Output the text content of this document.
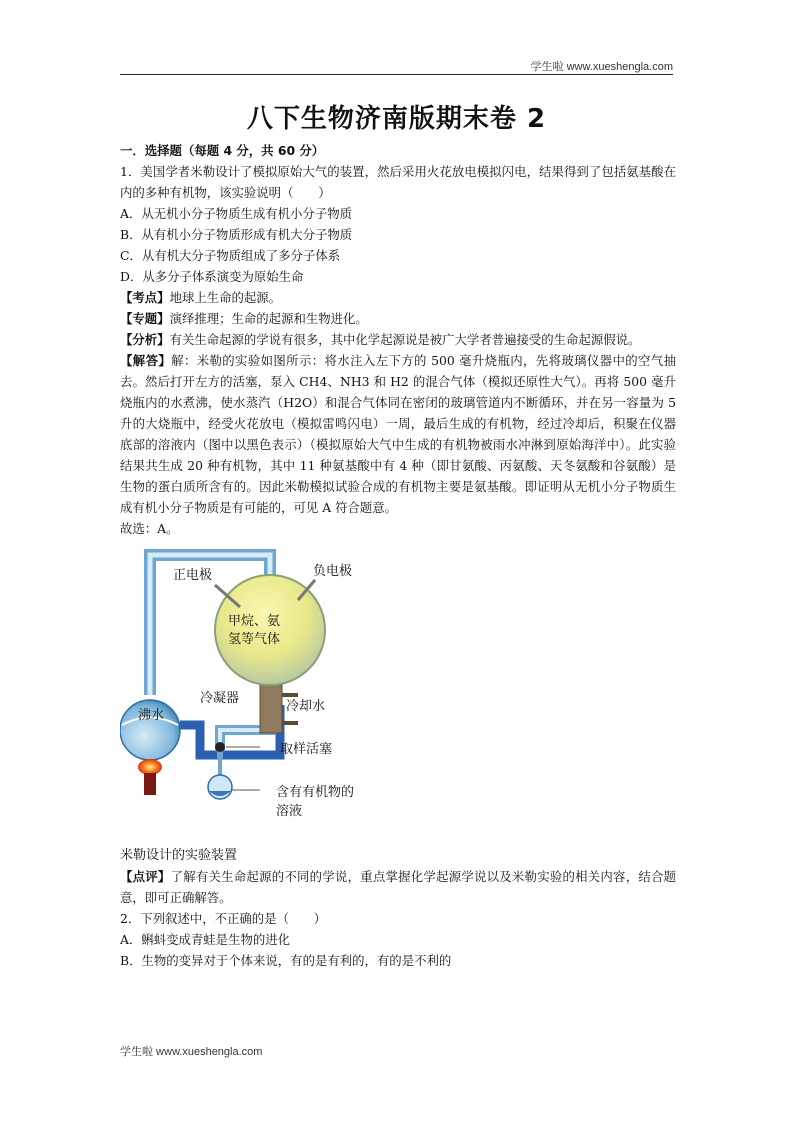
学生啦 www.xueshengla.com
八下生物济南版期末卷 2

一．选择题（每题 4 分，共 60 分）

1．美国学者米勒设计了模拟原始大气的装置，然后采用火花放电模拟闪电，结果得到了包括氨基酸在内的多种有机物，该实验说明（　　）

A．从无机小分子物质生成有机小分子物质

B．从有机小分子物质形成有机大分子物质

C．从有机大分子物质组成了多分子体系

D．从多分子体系演变为原始生命

【考点】地球上生命的起源。

【专题】演绎推理；生命的起源和生物进化。

【分析】有关生命起源的学说有很多，其中化学起源说是被广大学者普遍接受的生命起源假说。

【解答】解：米勒的实验如图所示：将水注入左下方的 500 毫升烧瓶内，先将玻璃仪器中的空气抽去。然后打开左方的活塞，泵入 CH4、NH3 和 H2 的混合气体（模拟还原性大气）。再将 500 毫升烧瓶内的水煮沸，使水蒸汽（H2O）和混合气体同在密闭的玻璃管道内不断循环，并在另一容量为 5 升的大烧瓶中，经受火花放电（模拟雷鸣闪电）一周，最后生成的有机物，经过冷却后，积聚在仪器底部的溶液内（图中以黑色表示）（模拟原始大气中生成的有机物被雨水冲淋到原始海洋中）。此实验结果共生成 20 种有机物，其中 11 种氨基酸中有 4 种（即甘氨酸、丙氨酸、天冬氨酸和谷氨酸）是生物的蛋白质所含有的。因此米勒模拟试验合成的有机物主要是氨基酸。即证明从无机小分子物质生成有机小分子物质是有可能的，可见 A 符合题意。

故选：A。

正电极	负电极
甲烷、氨
氢等气体
冷凝器
冷却水
沸水
取样活塞
含有有机物的
溶液

米勒设计的实验装置

【点评】了解有关生命起源的不同的学说，重点掌握化学起源学说以及米勒实验的相关内容，结合题意，即可正确解答。

2．下列叙述中，不正确的是（　　）

A．蝌蚪变成青蛙是生物的进化

B．生物的变异对于个体来说，有的是有利的，有的是不利的

学生啦 www.xueshengla.com
